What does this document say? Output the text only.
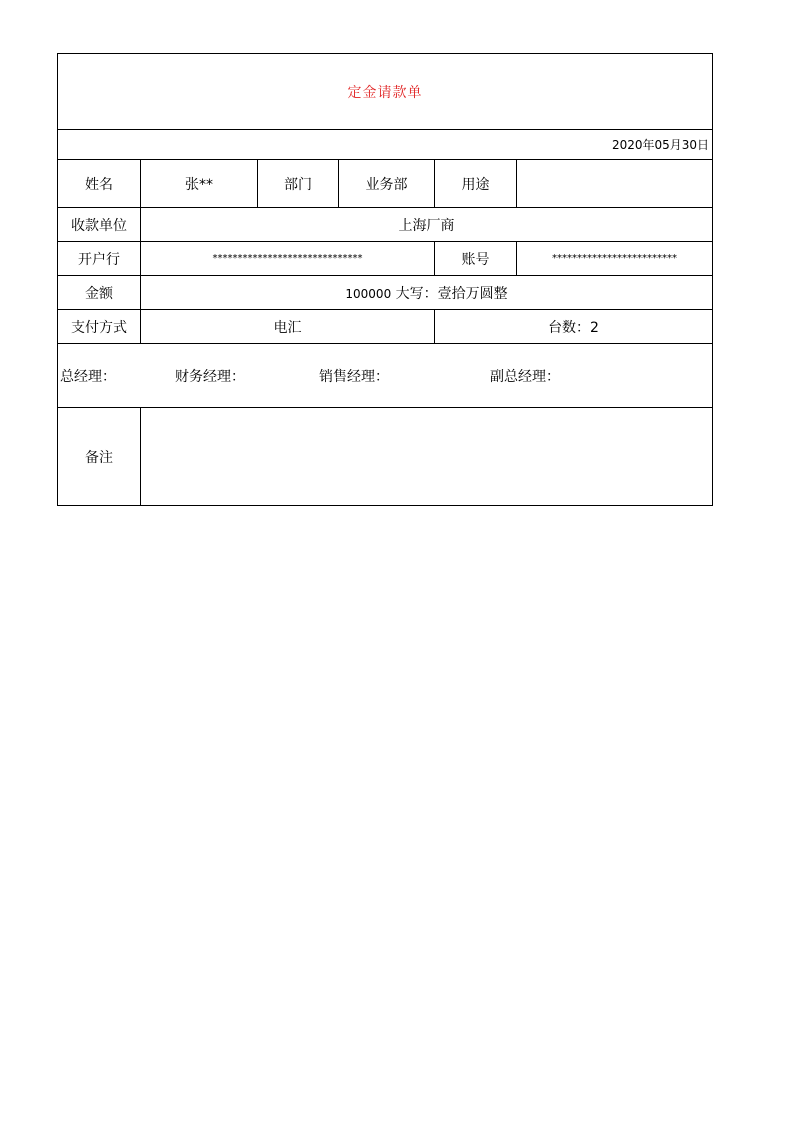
定金请款单					
2020年05月30日					
姓名	张**	部门	业务部	用途	
收款单位	上海厂商				
开户行	******************************			账号	*************************
金额	100000 大写：壹拾万圆整				
支付方式	电汇			台数：2	

总经理： 财务经理： 销售经理： 副总经理：					

备注					
